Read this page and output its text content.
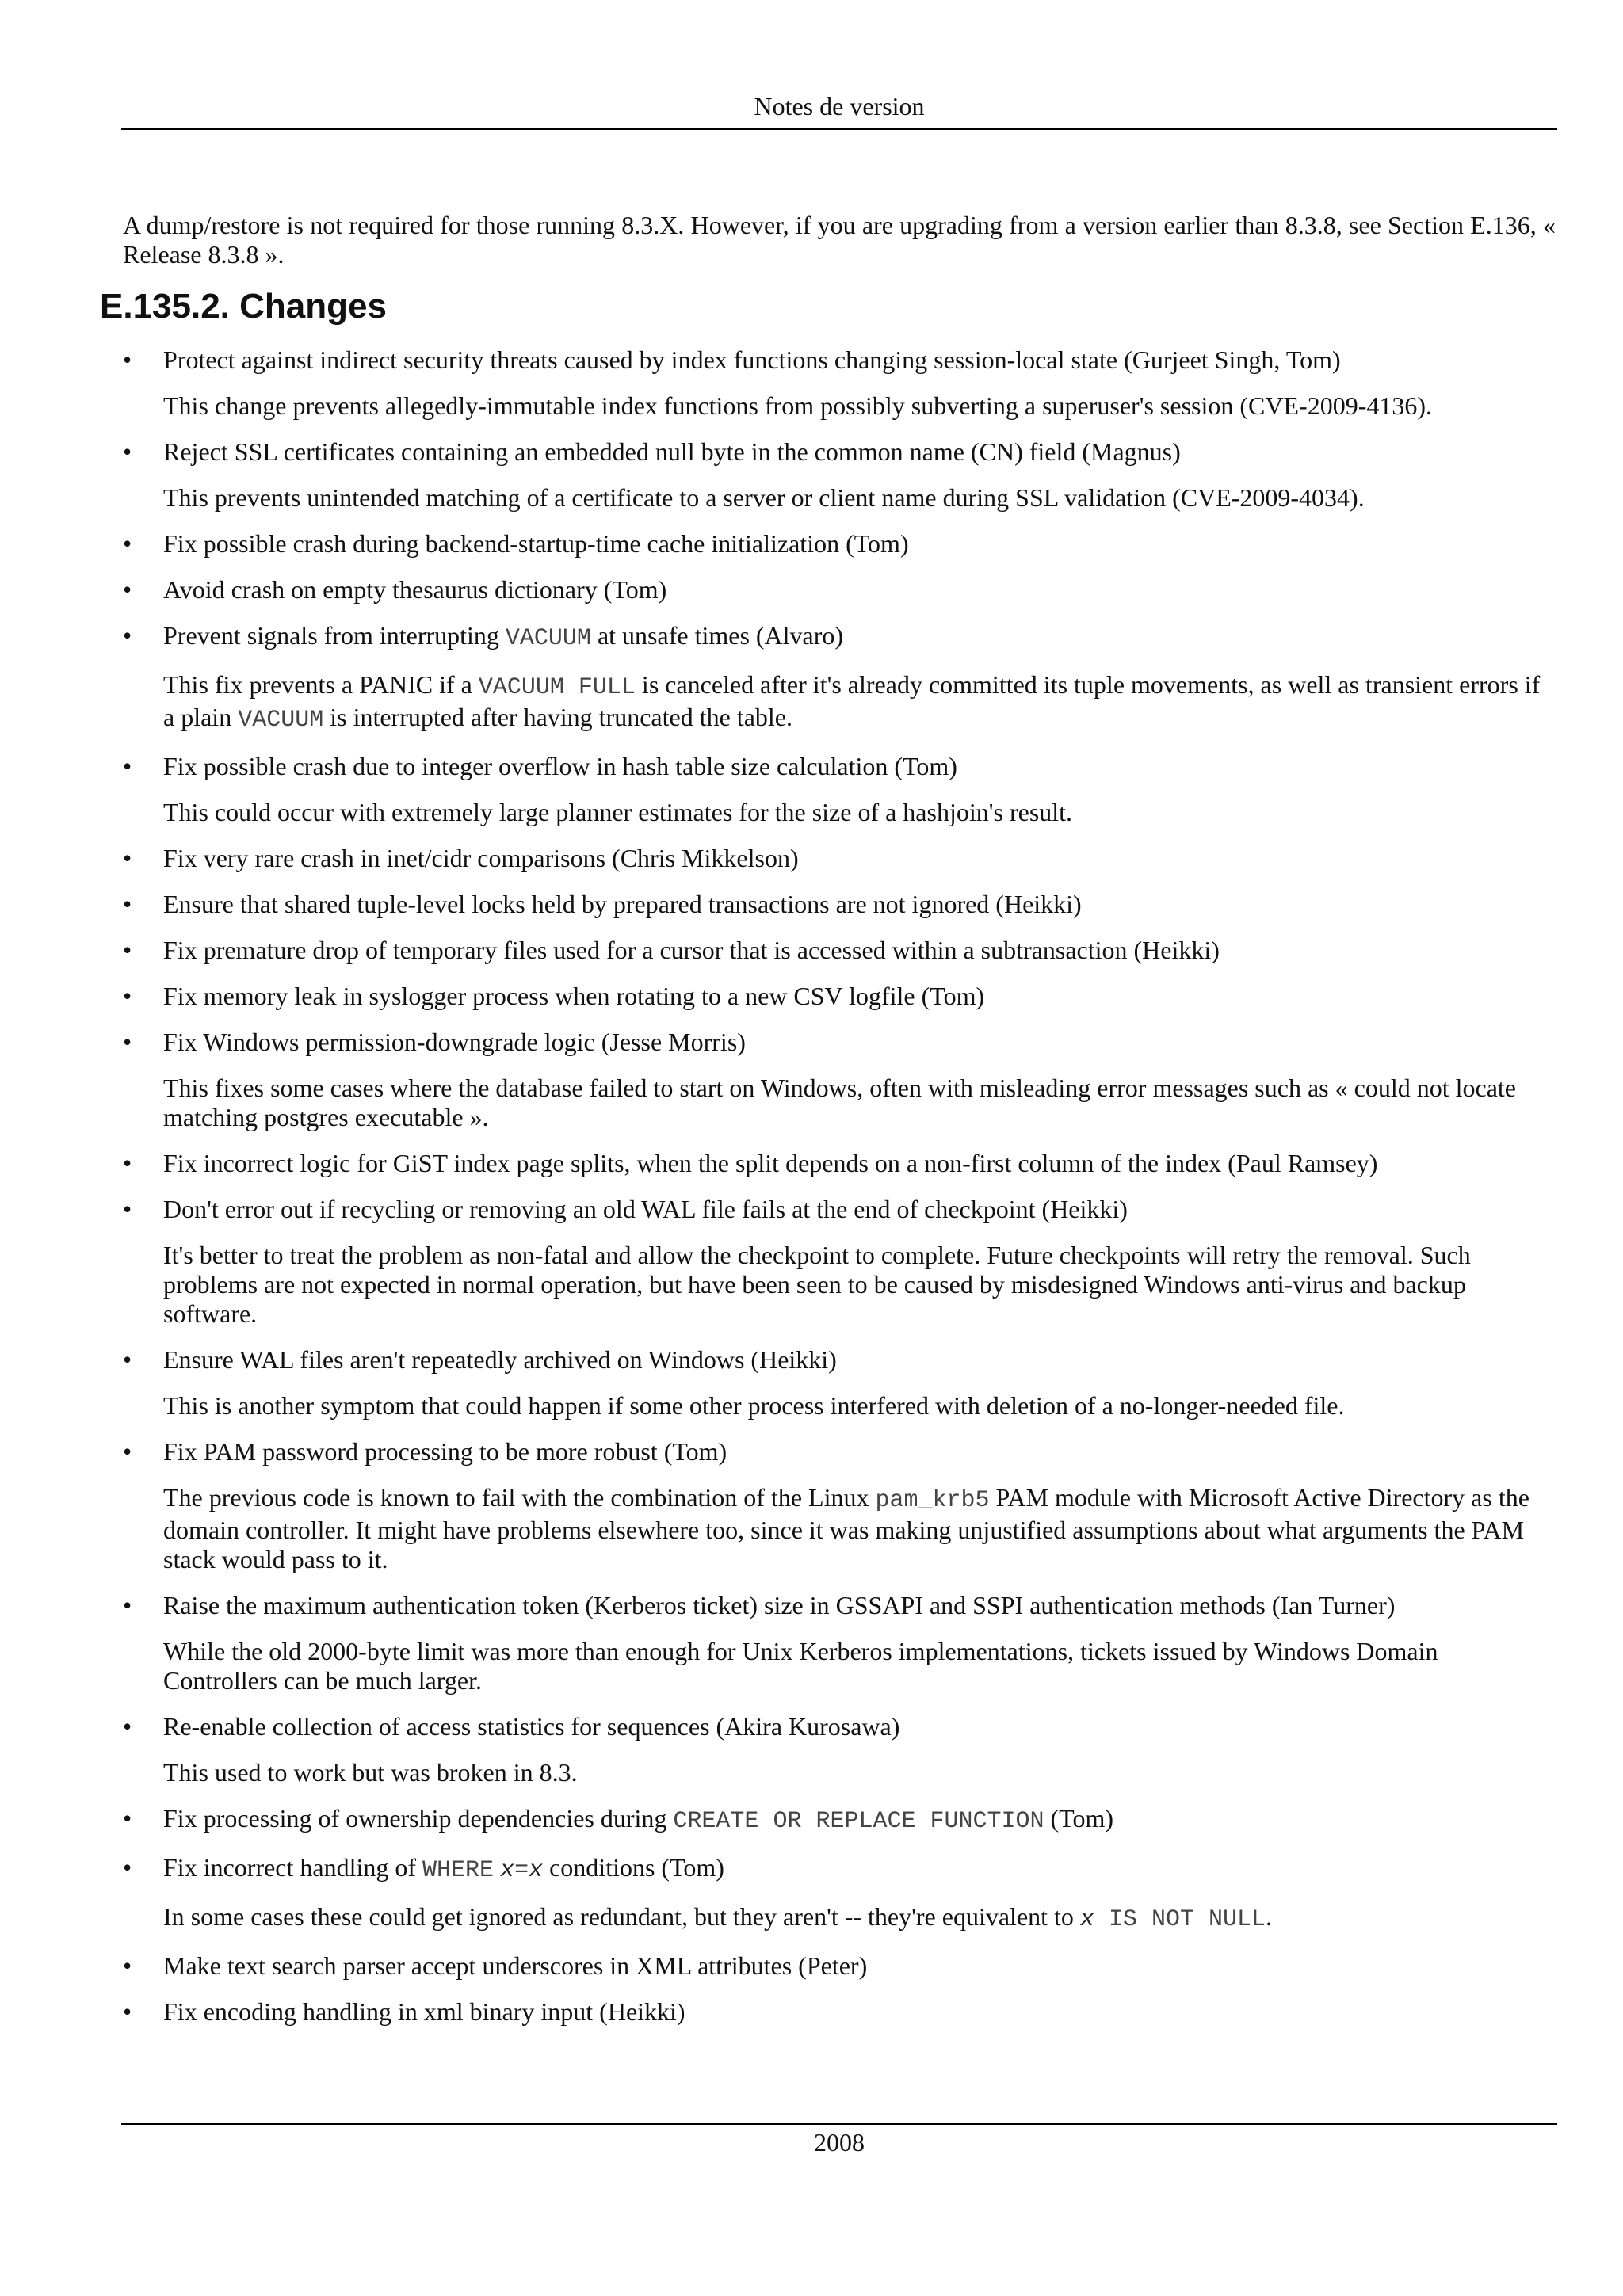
Notes de version

A dump/restore is not required for those running 8.3.X. However, if you are upgrading from a version earlier than 8.3.8, see Section E.136, « Release 8.3.8 ».

E.135.2. Changes
• Protect against indirect security threats caused by index functions changing session-local state (Gurjeet Singh, Tom)

This change prevents allegedly-immutable index functions from possibly subverting a superuser's session (CVE-2009-4136).

• Reject SSL certificates containing an embedded null byte in the common name (CN) field (Magnus)

This prevents unintended matching of a certificate to a server or client name during SSL validation (CVE-2009-4034).

• Fix possible crash during backend-startup-time cache initialization (Tom)

• Avoid crash on empty thesaurus dictionary (Tom)

• Prevent signals from interrupting VACUUM at unsafe times (Alvaro)

This fix prevents a PANIC if a VACUUM FULL is canceled after it's already committed its tuple movements, as well as transient errors if a plain VACUUM is interrupted after having truncated the table.

• Fix possible crash due to integer overflow in hash table size calculation (Tom)

This could occur with extremely large planner estimates for the size of a hashjoin's result.

• Fix very rare crash in inet/cidr comparisons (Chris Mikkelson)

• Ensure that shared tuple-level locks held by prepared transactions are not ignored (Heikki)

• Fix premature drop of temporary files used for a cursor that is accessed within a subtransaction (Heikki)

• Fix memory leak in syslogger process when rotating to a new CSV logfile (Tom)

• Fix Windows permission-downgrade logic (Jesse Morris)

This fixes some cases where the database failed to start on Windows, often with misleading error messages such as « could not locate matching postgres executable ».

• Fix incorrect logic for GiST index page splits, when the split depends on a non-first column of the index (Paul Ramsey)

• Don't error out if recycling or removing an old WAL file fails at the end of checkpoint (Heikki)

It's better to treat the problem as non-fatal and allow the checkpoint to complete. Future checkpoints will retry the removal. Such problems are not expected in normal operation, but have been seen to be caused by misdesigned Windows anti-virus and backup software.

• Ensure WAL files aren't repeatedly archived on Windows (Heikki)

This is another symptom that could happen if some other process interfered with deletion of a no-longer-needed file.

• Fix PAM password processing to be more robust (Tom)

The previous code is known to fail with the combination of the Linux pam_krb5 PAM module with Microsoft Active Directory as the domain controller. It might have problems elsewhere too, since it was making unjustified assumptions about what arguments the PAM stack would pass to it.

• Raise the maximum authentication token (Kerberos ticket) size in GSSAPI and SSPI authentication methods (Ian Turner)

While the old 2000-byte limit was more than enough for Unix Kerberos implementations, tickets issued by Windows Domain Controllers can be much larger.

• Re-enable collection of access statistics for sequences (Akira Kurosawa)

This used to work but was broken in 8.3.

• Fix processing of ownership dependencies during CREATE OR REPLACE FUNCTION (Tom)

• Fix incorrect handling of WHERE x=x conditions (Tom)

In some cases these could get ignored as redundant, but they aren't -- they're equivalent to x IS NOT NULL.

• Make text search parser accept underscores in XML attributes (Peter)

• Fix encoding handling in xml binary input (Heikki)

2008
